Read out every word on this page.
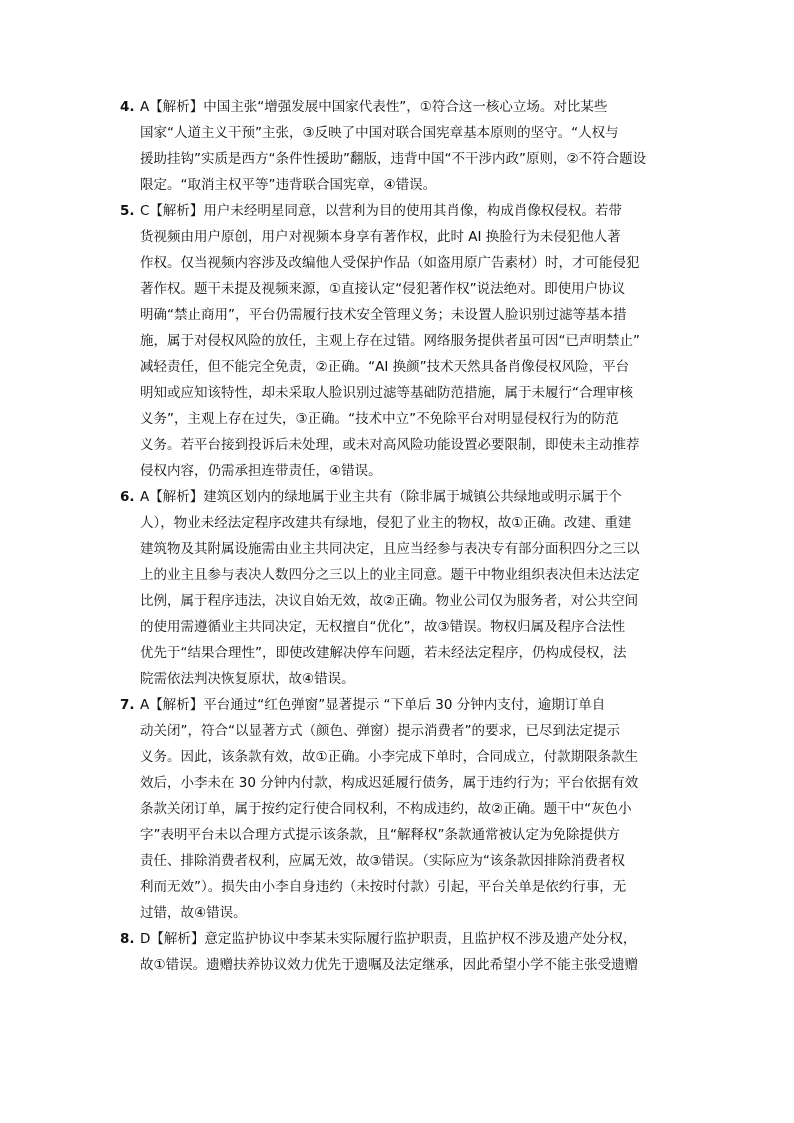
4. A【解析】中国主张“增强发展中国家代表性”，①符合这一核心立场。对比某些
国家“人道主义干预”主张，③反映了中国对联合国宪章基本原则的坚守。“人权与
援助挂钩”实质是西方“条件性援助”翻版，违背中国“不干涉内政”原则，②不符合题设
限定。“取消主权平等”违背联合国宪章，④错误。
5. C【解析】用户未经明星同意，以营利为目的使用其肖像，构成肖像权侵权。若带
货视频由用户原创，用户对视频本身享有著作权，此时 AI 换脸行为未侵犯他人著
作权。仅当视频内容涉及改编他人受保护作品（如盗用原广告素材）时，才可能侵犯
著作权。题干未提及视频来源，①直接认定“侵犯著作权”说法绝对。即使用户协议
明确“禁止商用”，平台仍需履行技术安全管理义务；未设置人脸识别过滤等基本措
施，属于对侵权风险的放任，主观上存在过错。网络服务提供者虽可因“已声明禁止”
减轻责任，但不能完全免责，②正确。“AI 换颜”技术天然具备肖像侵权风险，平台
明知或应知该特性，却未采取人脸识别过滤等基础防范措施，属于未履行“合理审核
义务”，主观上存在过失，③正确。“技术中立”不免除平台对明显侵权行为的防范
义务。若平台接到投诉后未处理，或未对高风险功能设置必要限制，即使未主动推荐
侵权内容，仍需承担连带责任，④错误。
6. A【解析】建筑区划内的绿地属于业主共有（除非属于城镇公共绿地或明示属于个
人），物业未经法定程序改建共有绿地，侵犯了业主的物权，故①正确。改建、重建
建筑物及其附属设施需由业主共同决定，且应当经参与表决专有部分面积四分之三以
上的业主且参与表决人数四分之三以上的业主同意。题干中物业组织表决但未达法定
比例，属于程序违法，决议自始无效，故②正确。物业公司仅为服务者，对公共空间
的使用需遵循业主共同决定，无权擅自“优化”，故③错误。物权归属及程序合法性
优先于“结果合理性”，即使改建解决停车问题，若未经法定程序，仍构成侵权，法
院需依法判决恢复原状，故④错误。
7. A【解析】平台通过“红色弹窗”显著提示 “下单后 30 分钟内支付，逾期订单自
动关闭”，符合“以显著方式（颜色、弹窗）提示消费者”的要求，已尽到法定提示
义务。因此，该条款有效，故①正确。小李完成下单时，合同成立，付款期限条款生
效后，小李未在 30 分钟内付款，构成迟延履行债务，属于违约行为；平台依据有效
条款关闭订单，属于按约定行使合同权利，不构成违约，故②正确。题干中“灰色小
字”表明平台未以合理方式提示该条款，且“解释权”条款通常被认定为免除提供方
责任、排除消费者权利，应属无效，故③错误。（实际应为“该条款因排除消费者权
利而无效”）。损失由小李自身违约（未按时付款）引起，平台关单是依约行事，无
过错，故④错误。
8. D【解析】意定监护协议中李某未实际履行监护职责，且监护权不涉及遗产处分权，
故①错误。遗赠扶养协议效力优先于遗嘱及法定继承，因此希望小学不能主张受遗赠
